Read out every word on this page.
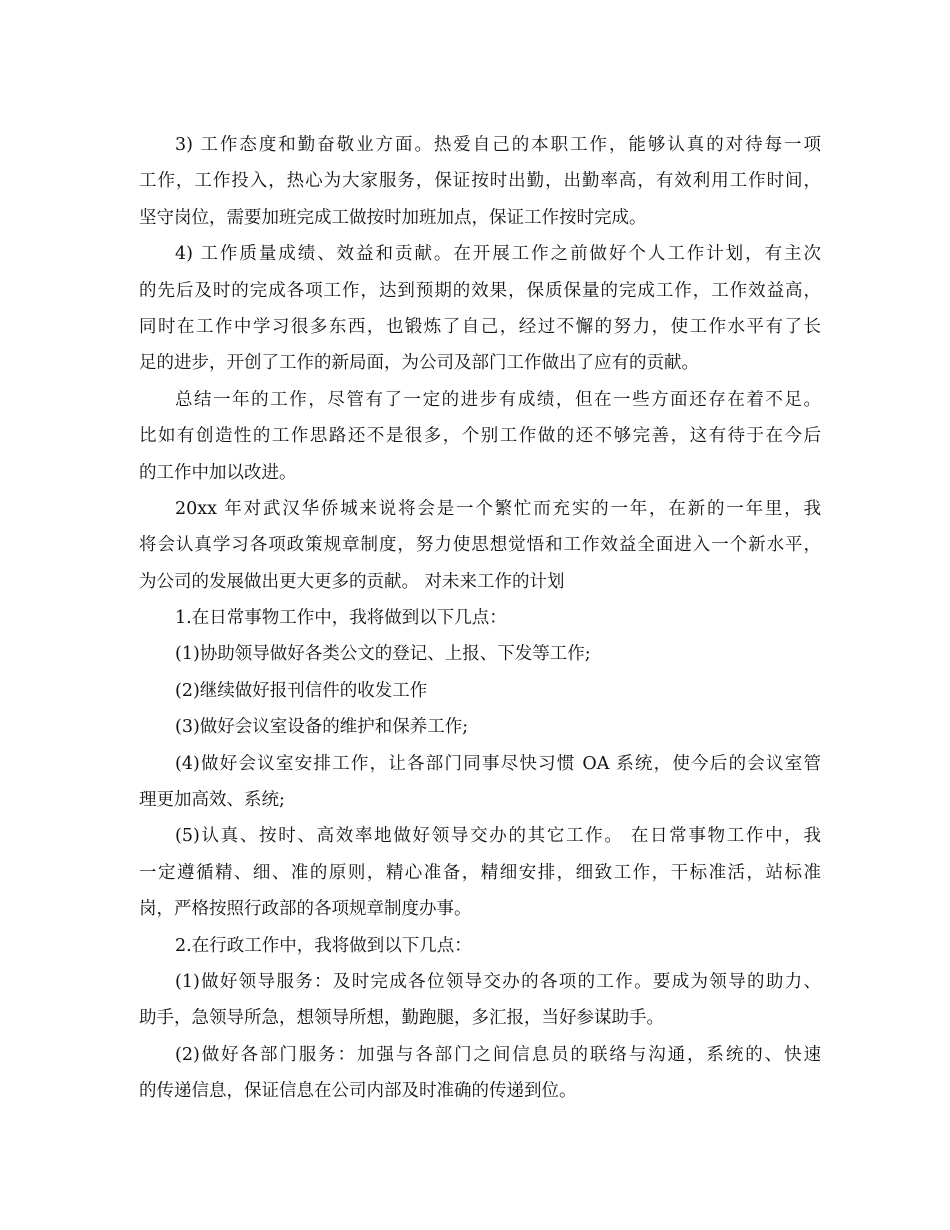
3) 工作态度和勤奋敬业方面。热爱自己的本职工作，能够认真的对待每一项
工作，工作投入，热心为大家服务，保证按时出勤，出勤率高，有效利用工作时间，
坚守岗位，需要加班完成工做按时加班加点，保证工作按时完成。
4) 工作质量成绩、效益和贡献。在开展工作之前做好个人工作计划，有主次
的先后及时的完成各项工作，达到预期的效果，保质保量的完成工作，工作效益高，
同时在工作中学习很多东西，也锻炼了自己，经过不懈的努力，使工作水平有了长
足的进步，开创了工作的新局面，为公司及部门工作做出了应有的贡献。
总结一年的工作，尽管有了一定的进步有成绩，但在一些方面还存在着不足。
比如有创造性的工作思路还不是很多，个别工作做的还不够完善，这有待于在今后
的工作中加以改进。
20xx 年对武汉华侨城来说将会是一个繁忙而充实的一年，在新的一年里，我
将会认真学习各项政策规章制度，努力使思想觉悟和工作效益全面进入一个新水平，
为公司的发展做出更大更多的贡献。 对未来工作的计划
1.在日常事物工作中，我将做到以下几点：
(1)协助领导做好各类公文的登记、上报、下发等工作;
(2)继续做好报刊信件的收发工作
(3)做好会议室设备的维护和保养工作;
(4)做好会议室安排工作，让各部门同事尽快习惯 OA 系统，使今后的会议室管
理更加高效、系统;
(5)认真、按时、高效率地做好领导交办的其它工作。 在日常事物工作中，我
一定遵循精、细、准的原则，精心准备，精细安排，细致工作，干标准活，站标准
岗，严格按照行政部的各项规章制度办事。
2.在行政工作中，我将做到以下几点：
(1)做好领导服务：及时完成各位领导交办的各项的工作。要成为领导的助力、
助手，急领导所急，想领导所想，勤跑腿，多汇报，当好参谋助手。
(2)做好各部门服务：加强与各部门之间信息员的联络与沟通，系统的、快速
的传递信息，保证信息在公司内部及时准确的传递到位。
